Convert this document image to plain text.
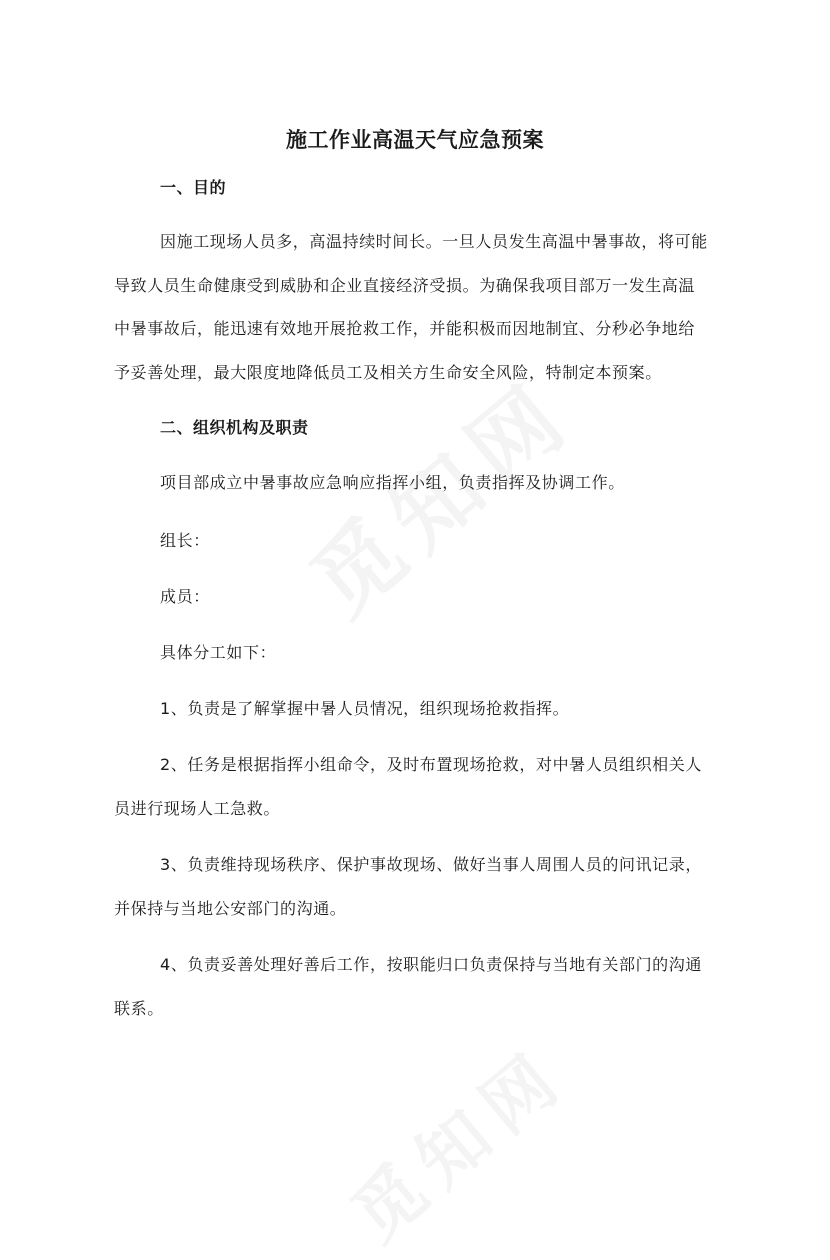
施工作业高温天气应急预案
一、目的
因施工现场人员多，高温持续时间长。一旦人员发生高温中暑事故，将可能
导致人员生命健康受到威胁和企业直接经济受损。为确保我项目部万一发生高温
中暑事故后，能迅速有效地开展抢救工作，并能积极而因地制宜、分秒必争地给
予妥善处理，最大限度地降低员工及相关方生命安全风险，特制定本预案。
二、组织机构及职责
项目部成立中暑事故应急响应指挥小组，负责指挥及协调工作。
组长：
成员：
具体分工如下：
1、负责是了解掌握中暑人员情况，组织现场抢救指挥。
2、任务是根据指挥小组命令，及时布置现场抢救，对中暑人员组织相关人
员进行现场人工急救。
3、负责维持现场秩序、保护事故现场、做好当事人周围人员的问讯记录，
并保持与当地公安部门的沟通。
4、负责妥善处理好善后工作，按职能归口负责保持与当地有关部门的沟通
联系。
